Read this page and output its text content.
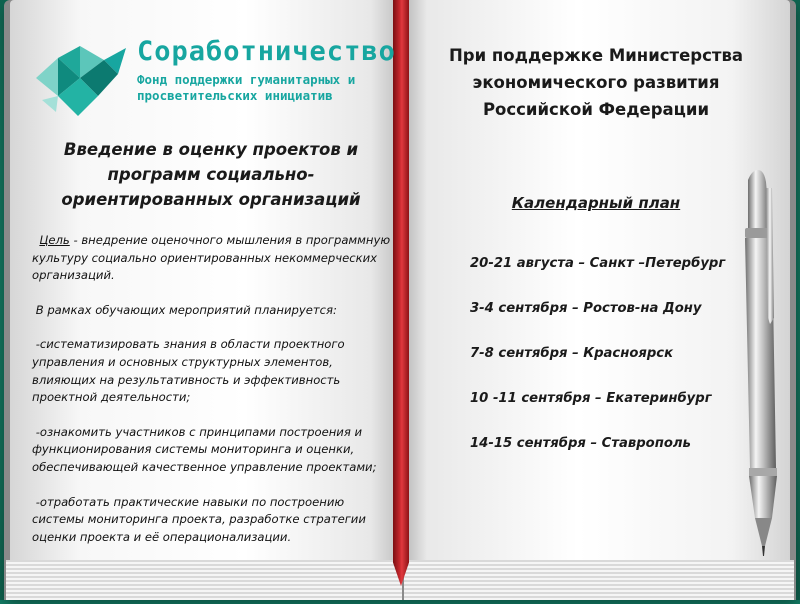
Соработничество
Фонд поддержки гуманитарных и просветительских инициатив
Введение в оценку проектов и программ социально-ориентированных организаций

Цель - внедрение оценочного мышления в программную культуру социально ориентированных некоммерческих организаций.

В рамках обучающих мероприятий планируется:

-систематизировать знания в области проектного управления и основных структурных элементов, влияющих на результативность и эффективность проектной деятельности;

-ознакомить участников с принципами построения и функционирования системы мониторинга и оценки, обеспечивающей качественное управление проектами;

-отработать практические навыки по построению системы мониторинга проекта, разработке стратегии оценки проекта и её операционализации.

При поддержке Министерства экономического развития Российской Федерации
Календарный план
20-21 августа – Санкт –Петербург
3-4 сентября – Ростов-на Дону
7-8 сентября – Красноярск
10 -11 сентября – Екатеринбург
14-15 сентября – Ставрополь
